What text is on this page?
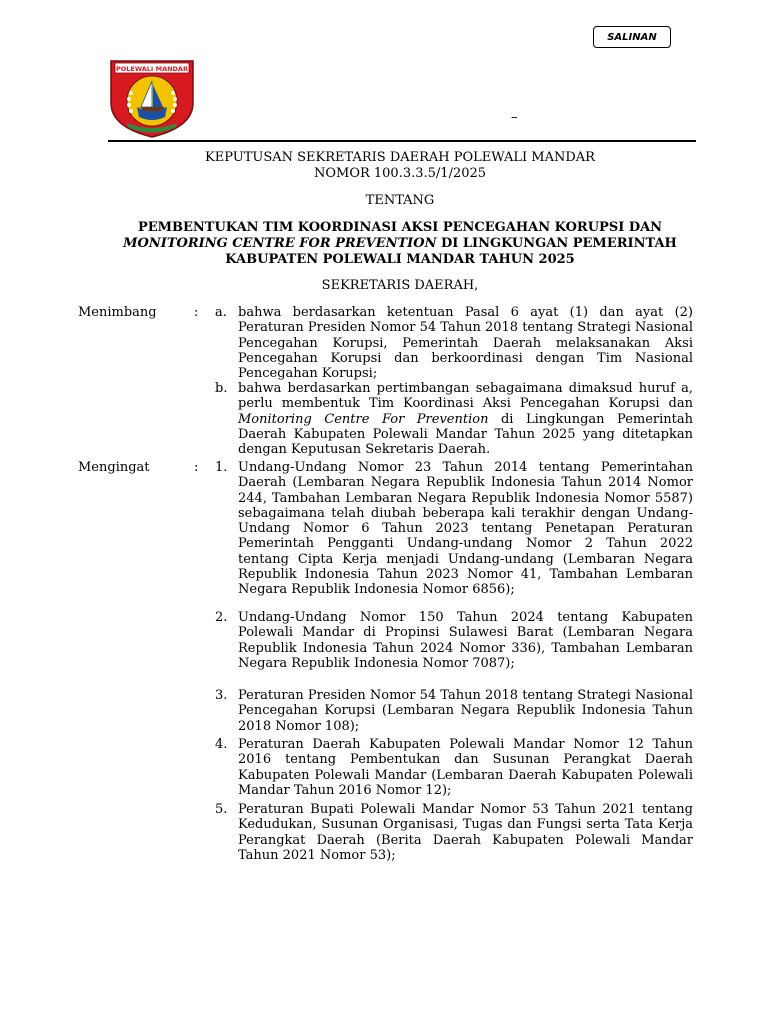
SALINAN
POLEWALI MANDAR
–
KEPUTUSAN SEKRETARIS DAERAH POLEWALI MANDAR
NOMOR 100.3.3.5/1/2025
TENTANG
PEMBENTUKAN TIM KOORDINASI AKSI PENCEGAHAN KORUPSI DAN
MONITORING CENTRE FOR PREVENTION DI LINGKUNGAN PEMERINTAH
KABUPATEN POLEWALI MANDAR TAHUN 2025
SEKRETARIS DAERAH,
Menimbang	: a. bahwa berdasarkan ketentuan Pasal 6 ayat (1) dan ayat (2) Peraturan Presiden Nomor 54 Tahun 2018 tentang Strategi Nasional Pencegahan Korupsi, Pemerintah Daerah melaksanakan Aksi Pencegahan Korupsi dan berkoordinasi dengan Tim Nasional Pencegahan Korupsi;
b. bahwa berdasarkan pertimbangan sebagaimana dimaksud huruf a, perlu membentuk Tim Koordinasi Aksi Pencegahan Korupsi dan Monitoring Centre For Prevention di Lingkungan Pemerintah Daerah Kabupaten Polewali Mandar Tahun 2025 yang ditetapkan dengan Keputusan Sekretaris Daerah.
Mengingat	: 1. Undang-Undang Nomor 23 Tahun 2014 tentang Pemerintahan Daerah (Lembaran Negara Republik Indonesia Tahun 2014 Nomor 244, Tambahan Lembaran Negara Republik Indonesia Nomor 5587) sebagaimana telah diubah beberapa kali terakhir dengan Undang-Undang Nomor 6 Tahun 2023 tentang Penetapan Peraturan Pemerintah Pengganti Undang-undang Nomor 2 Tahun 2022 tentang Cipta Kerja menjadi Undang-undang (Lembaran Negara Republik Indonesia Tahun 2023 Nomor 41, Tambahan Lembaran Negara Republik Indonesia Nomor 6856);
2. Undang-Undang Nomor 150 Tahun 2024 tentang Kabupaten Polewali Mandar di Propinsi Sulawesi Barat (Lembaran Negara Republik Indonesia Tahun 2024 Nomor 336), Tambahan Lembaran Negara Republik Indonesia Nomor 7087);
3. Peraturan Presiden Nomor 54 Tahun 2018 tentang Strategi Nasional Pencegahan Korupsi (Lembaran Negara Republik Indonesia Tahun 2018 Nomor 108);
4. Peraturan Daerah Kabupaten Polewali Mandar Nomor 12 Tahun 2016 tentang Pembentukan dan Susunan Perangkat Daerah Kabupaten Polewali Mandar (Lembaran Daerah Kabupaten Polewali Mandar Tahun 2016 Nomor 12);
5. Peraturan Bupati Polewali Mandar Nomor 53 Tahun 2021 tentang Kedudukan, Susunan Organisasi, Tugas dan Fungsi serta Tata Kerja Perangkat Daerah (Berita Daerah Kabupaten Polewali Mandar Tahun 2021 Nomor 53);
